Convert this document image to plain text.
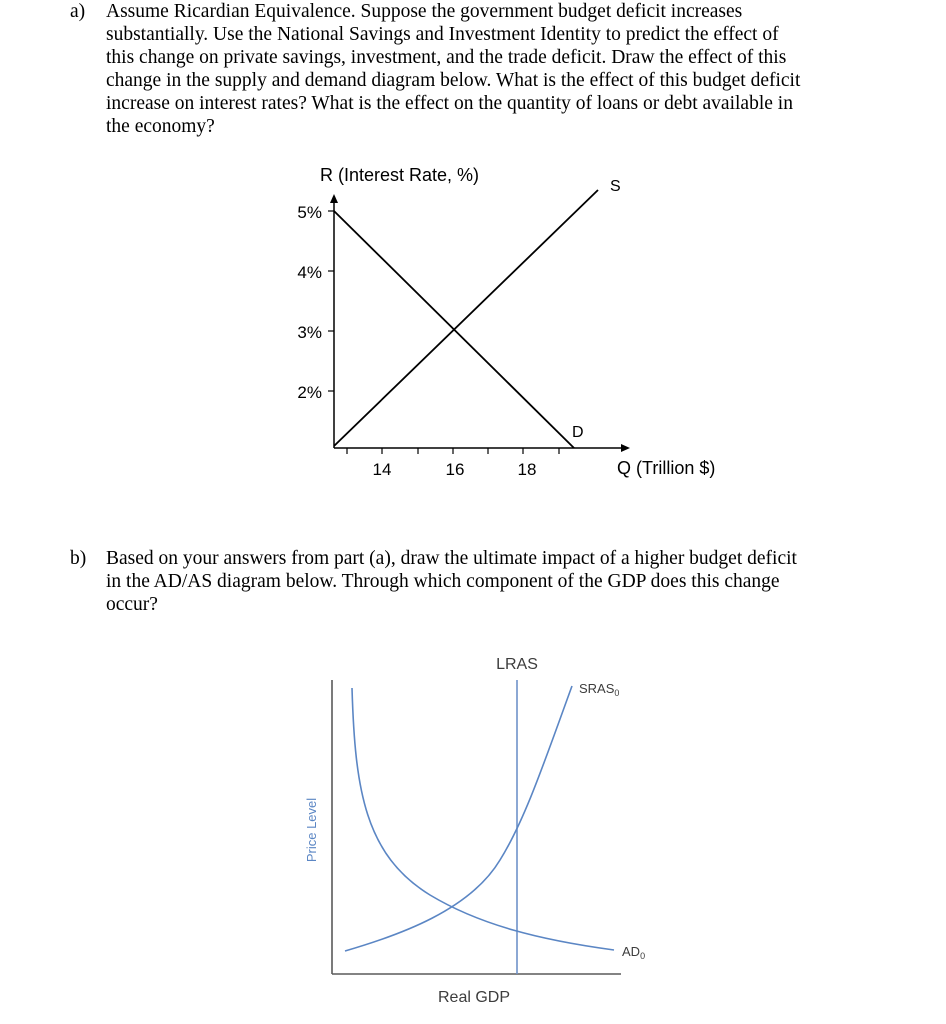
a) Assume Ricardian Equivalence. Suppose the government budget deficit increases
substantially. Use the National Savings and Investment Identity to predict the effect of
this change on private savings, investment, and the trade deficit. Draw the effect of this
change in the supply and demand diagram below. What is the effect of this budget deficit
increase on interest rates? What is the effect on the quantity of loans or debt available in
the economy?
R (Interest Rate, %)
5%
4%
3%
2%
14	16	18	Q (Trillion $)
S
D
b) Based on your answers from part (a), draw the ultimate impact of a higher budget deficit
in the AD/AS diagram below. Through which component of the GDP does this change
occur?
LRAS
$SRAS_0$
$AD_0$
Real GDP
Price Level
